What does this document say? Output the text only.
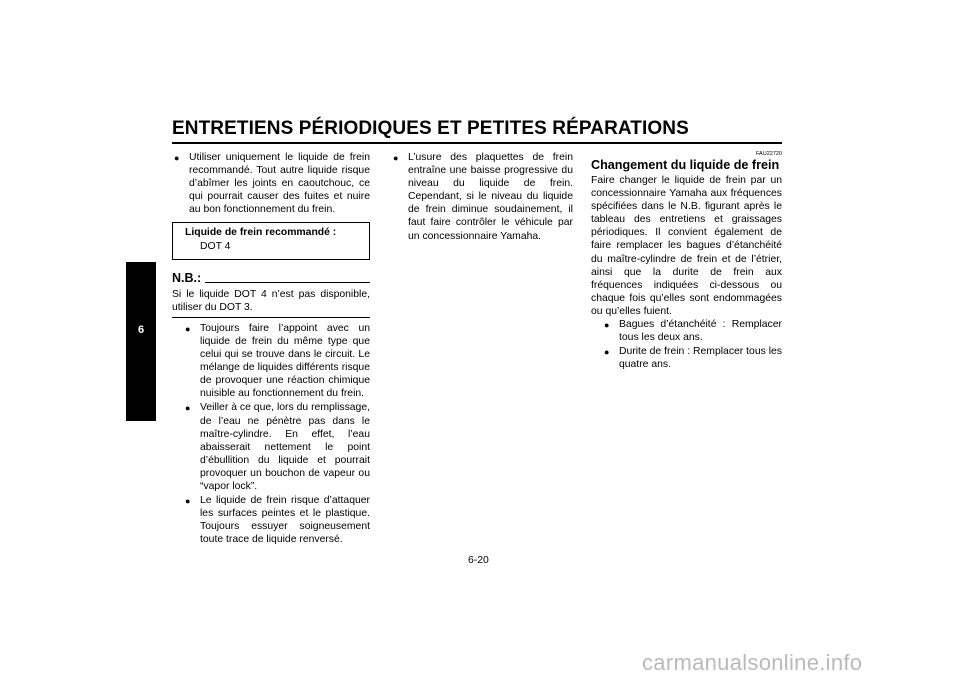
ENTRETIENS PÉRIODIQUES ET PETITES RÉPARATIONS
6
● Utiliser uniquement le liquide de frein recommandé. Tout autre liquide risque d’abîmer les joints en caoutchouc, ce qui pourrait causer des fuites et nuire au bon fonctionnement du frein.
Liquide de frein recommandé :
DOT 4
N.B.:
Si le liquide DOT 4 n’est pas disponible, utiliser du DOT 3.
● Toujours faire l’appoint avec un liquide de frein du même type que celui qui se trouve dans le circuit. Le mélange de liquides différents risque de provoquer une réaction chimique nuisible au fonctionnement du frein.
● Veiller à ce que, lors du remplissage, de l’eau ne pénètre pas dans le maître-cylindre. En effet, l’eau abaisserait nettement le point d’ébullition du liquide et pourrait provoquer un bouchon de vapeur ou “vapor lock”.
● Le liquide de frein risque d’attaquer les surfaces peintes et le plastique. Toujours essuyer soigneusement toute trace de liquide renversé.
● L’usure des plaquettes de frein entraîne une baisse progressive du niveau du liquide de frein. Cependant, si le niveau du liquide de frein diminue soudainement, il faut faire contrôler le véhicule par un concessionnaire Yamaha.
FAU22720
Changement du liquide de frein
Faire changer le liquide de frein par un concessionnaire Yamaha aux fréquences spécifiées dans le N.B. figurant après le tableau des entretiens et graissages périodiques. Il convient également de faire remplacer les bagues d’étanchéité du maître-cylindre de frein et de l’étrier, ainsi que la durite de frein aux fréquences indiquées ci-dessous ou chaque fois qu’elles sont endommagées ou qu’elles fuient.
● Bagues d’étanchéité : Remplacer tous les deux ans.
● Durite de frein : Remplacer tous les quatre ans.
6-20
carmanualsonline.info
